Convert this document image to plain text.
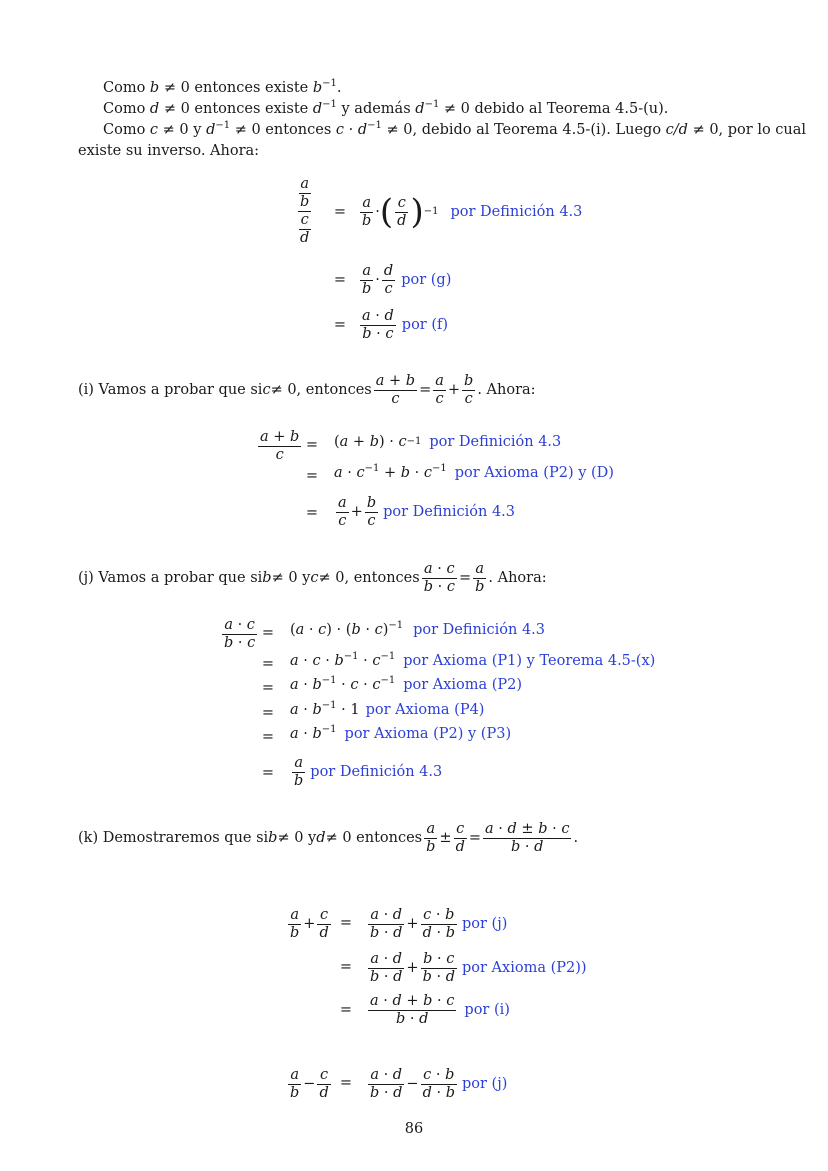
Como b ≠ 0 entonces existe $b^{-1}$.
Como d ≠ 0 entonces existe $d^{-1}$ y además $d^{-1} \ne 0$ debido al Teorema 4.5-(u).
Como c ≠ 0 y $d^{-1} \ne 0$ entonces $c \cdot d^{-1} \ne 0$, debido al Teorema 4.5-(i). Luego c/d ≠ 0, por lo cual
existe su inverso. Ahora:
a
b
c
d
= $\frac{a}{b}$ · ( $\frac{c}{d}$ ) −1 por Definición 4.3
= $\frac{a}{b} \cdot \frac{d}{c}$ por (g)
= $\frac{a \cdot d}{b \cdot c}$ por (f)
(i) Vamos a probar que si c ≠ 0, entonces $\frac{a + b}{c} = \frac{a}{c} + \frac{b}{c}$ . Ahora:
$\frac{a + b}{c} = (a + b) \cdot c -1$ por Definición 4.3
= $a \cdot c^{-1} + b \cdot c^{-1}$ por Axioma (P2) y (D)
= $\frac{a}{c} + \frac{b}{c}$ por Definición 4.3
(j) Vamos a probar que si b ≠ 0 y c ≠ 0, entonces $\frac{a \cdot c}{b \cdot c} = \frac{a}{b}$ . Ahora:
$\frac{a \cdot c}{b \cdot c} = (a \cdot c) \cdot (b \cdot c)^{-1}$ por Definición 4.3
= $a \cdot c \cdot b^{-1} \cdot c^{-1}$ por Axioma (P1) y Teorema 4.5-(x)
= $a \cdot b^{-1} \cdot c \cdot c^{-1}$ por Axioma (P2)
= $a \cdot b^{-1} \cdot 1$ por Axioma (P4)
= $a \cdot b^{-1}$ por Axioma (P2) y (P3)
= $\frac{a}{b}$ por Definición 4.3
(k) Demostraremos que si b ≠ 0 y d ≠ 0 entonces $\frac{a}{b} \pm \frac{c}{d} = \frac{a \cdot d \pm b \cdot c}{b \cdot d}$ .
$\frac{a}{b} + \frac{c}{d} = \frac{a \cdot d}{b \cdot d} + \frac{c \cdot b}{d \cdot b}$ por (j)
= $\frac{a \cdot d}{b \cdot d} + \frac{b \cdot c}{b \cdot d}$ por Axioma (P2))
= $\frac{a \cdot d + b \cdot c}{b \cdot d}$ por (i)
$\frac{a}{b} - \frac{c}{d} = \frac{a \cdot d}{b \cdot d} - \frac{c \cdot b}{d \cdot b}$ por (j)
86
